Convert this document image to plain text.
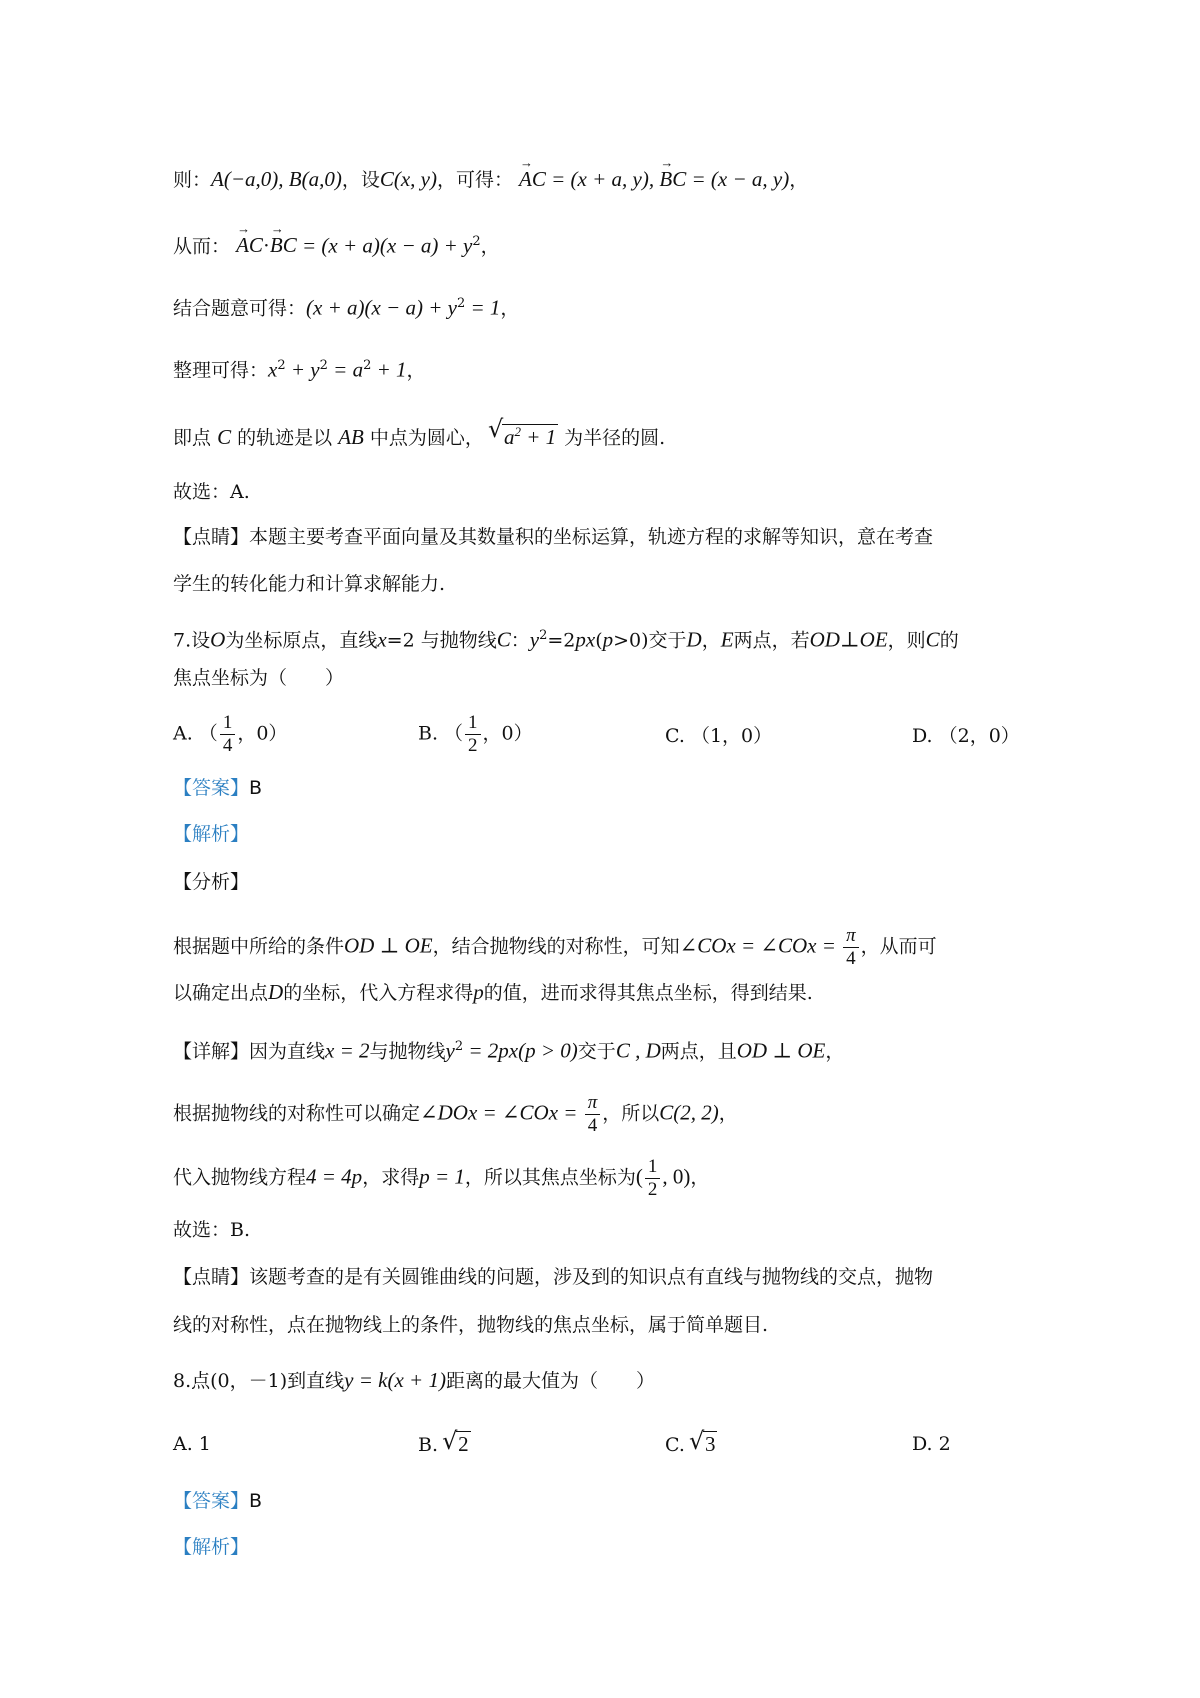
则：A(−a,0), B(a,0)，设C(x, y)，可得： → AC = (x + a, y), → BC = (x − a, y)，
从而： → AC·→ BC = $(x + a)(x - a) + y^2$，
结合题意可得：$(x + a)(x - a) + y^2 = 1$，
整理可得：$x^2 + y^2 = a^2 + 1$，
即点 C 的轨迹是以 AB 中点为圆心， √ $a^2 + 1$ 为半径的圆.
故选：A.
【点睛】本题主要考查平面向量及其数量积的坐标运算，轨迹方程的求解等知识，意在考查
学生的转化能力和计算求解能力.
7.设O为坐标原点，直线x=2 与抛物线C：$y^2=2px(p>0)$交于D，E两点，若OD⊥OE，则C的
焦点坐标为（　　）
A. （ $\frac{1}{4}$ ，0）	B. （ $\frac{1}{2}$ ，0）	C. （1，0）	D. （2，0）
【答案】B
【解析】
【分析】
根据题中所给的条件OD ⊥ OE，结合抛物线的对称性，可知∠COx = ∠COx = $\frac{\pi}{4}$ ，从而可
以确定出点D的坐标，代入方程求得p的值，进而求得其焦点坐标，得到结果.
【详解】因为直线x = 2与抛物线$y^2 = 2px(p > 0)$交于C , D两点，且OD ⊥ OE，
根据抛物线的对称性可以确定∠DOx = ∠COx = $\frac{\pi}{4}$ ，所以C(2, 2)，
代入抛物线方程4 = 4p，求得p = 1，所以其焦点坐标为( $\frac{1}{2}$ , 0)，
故选：B.
【点睛】该题考查的是有关圆锥曲线的问题，涉及到的知识点有直线与抛物线的交点，抛物
线的对称性，点在抛物线上的条件，抛物线的焦点坐标，属于简单题目.
8.点(0，－1)到直线y = k(x + 1)距离的最大值为（　　）
A. 1	B. √ 2	C. √ 3	D. 2
【答案】B
【解析】
